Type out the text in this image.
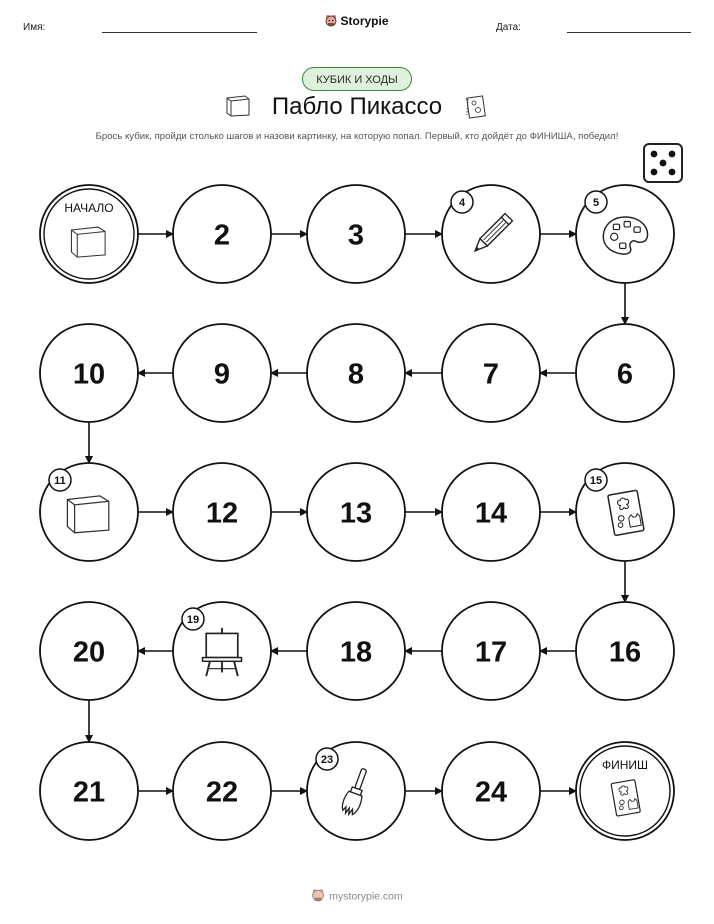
Имя:	Storypie	Дата:
КУБИК И ХОДЫ
Пабло Пикассо
Брось кубик, пройди столько шагов и назови картинку, на которую попал. Первый, кто дойдёт до ФИНИША, победил!
НАЧАЛО
2	3
4	5
6
7
8
9
10
11
12	13	14
15
16
17
18
19
20
21	22
23
24
ФИНИШ
mystorypie.com
